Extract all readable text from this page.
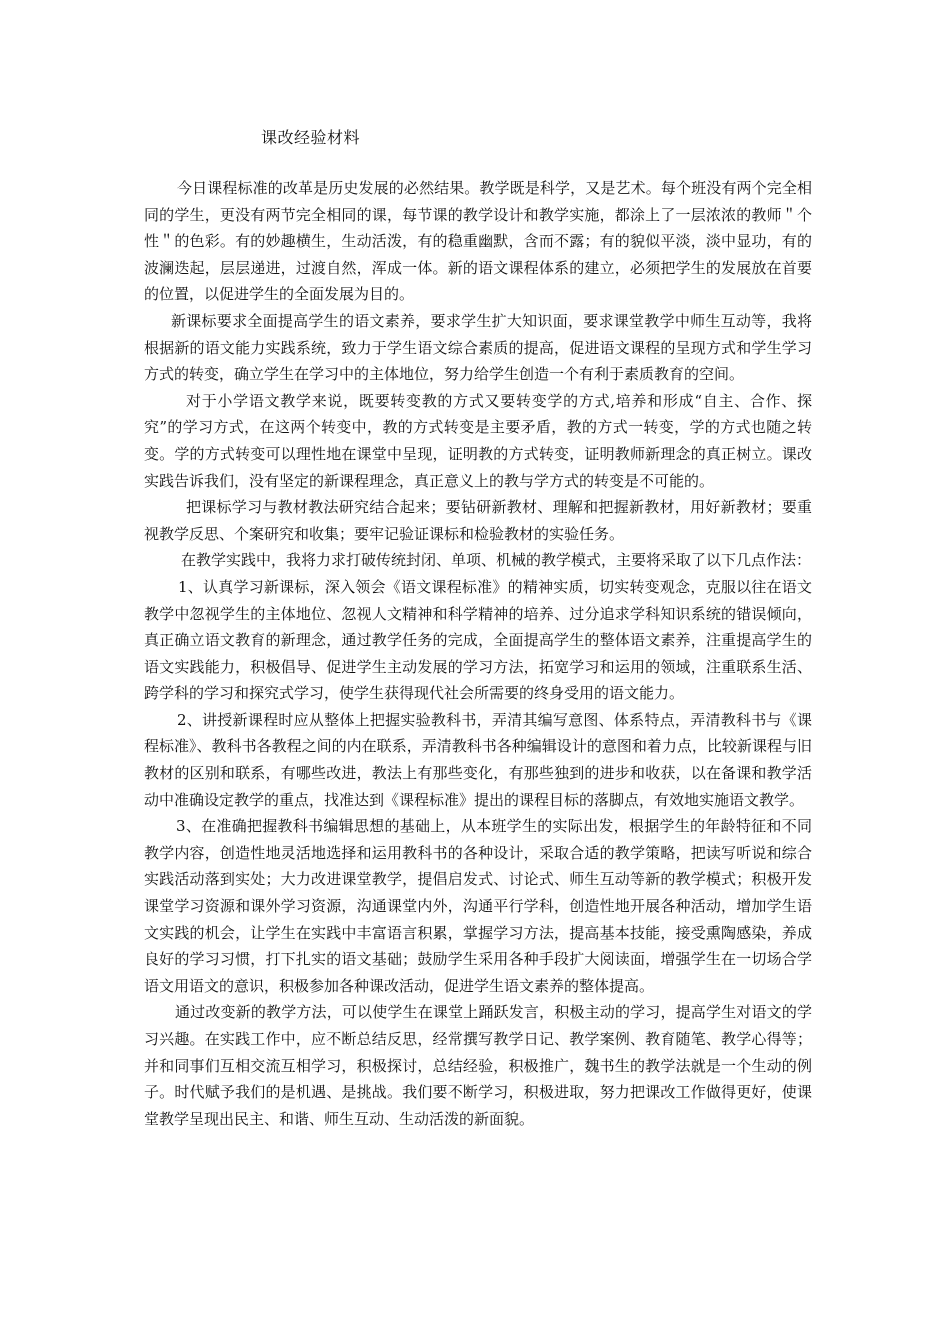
课改经验材料

今日课程标准的改革是历史发展的必然结果。教学既是科学，又是艺术。每个班没有两个完全相同的学生，更没有两节完全相同的课，每节课的教学设计和教学实施，都涂上了一层浓浓的教师＂个性＂的色彩。有的妙趣横生，生动活泼，有的稳重幽默，含而不露；有的貌似平淡，淡中显功，有的波澜迭起，层层递进，过渡自然，浑成一体。新的语文课程体系的建立，必须把学生的发展放在首要的位置，以促进学生的全面发展为目的。

新课标要求全面提高学生的语文素养，要求学生扩大知识面，要求课堂教学中师生互动等，我将根据新的语文能力实践系统，致力于学生语文综合素质的提高，促进语文课程的呈现方式和学生学习方式的转变，确立学生在学习中的主体地位，努力给学生创造一个有利于素质教育的空间。

对于小学语文教学来说，既要转变教的方式又要转变学的方式,培养和形成“自主、合作、探究”的学习方式，在这两个转变中，教的方式转变是主要矛盾，教的方式一转变，学的方式也随之转变。学的方式转变可以理性地在课堂中呈现，证明教的方式转变，证明教师新理念的真正树立。课改实践告诉我们，没有坚定的新课程理念，真正意义上的教与学方式的转变是不可能的。

把课标学习与教材教法研究结合起来；要钻研新教材、理解和把握新教材，用好新教材；要重视教学反思、个案研究和收集；要牢记验证课标和检验教材的实验任务。

在教学实践中，我将力求打破传统封闭、单项、机械的教学模式，主要将采取了以下几点作法：

1、认真学习新课标，深入领会《语文课程标准》的精神实质，切实转变观念，克服以往在语文教学中忽视学生的主体地位、忽视人文精神和科学精神的培养、过分追求学科知识系统的错误倾向，真正确立语文教育的新理念，通过教学任务的完成，全面提高学生的整体语文素养，注重提高学生的语文实践能力，积极倡导、促进学生主动发展的学习方法，拓宽学习和运用的领域，注重联系生活、跨学科的学习和探究式学习，使学生获得现代社会所需要的终身受用的语文能力。

2、讲授新课程时应从整体上把握实验教科书，弄清其编写意图、体系特点，弄清教科书与《课程标准》、教科书各教程之间的内在联系，弄清教科书各种编辑设计的意图和着力点，比较新课程与旧教材的区别和联系，有哪些改进，教法上有那些变化，有那些独到的进步和收获，以在备课和教学活动中准确设定教学的重点，找准达到《课程标准》提出的课程目标的落脚点，有效地实施语文教学。

3、在准确把握教科书编辑思想的基础上，从本班学生的实际出发，根据学生的年龄特征和不同教学内容，创造性地灵活地选择和运用教科书的各种设计，采取合适的教学策略，把读写听说和综合实践活动落到实处；大力改进课堂教学，提倡启发式、讨论式、师生互动等新的教学模式；积极开发课堂学习资源和课外学习资源，沟通课堂内外，沟通平行学科，创造性地开展各种活动，增加学生语文实践的机会，让学生在实践中丰富语言积累，掌握学习方法，提高基本技能，接受熏陶感染，养成良好的学习习惯，打下扎实的语文基础；鼓励学生采用各种手段扩大阅读面，增强学生在一切场合学语文用语文的意识，积极参加各种课改活动，促进学生语文素养的整体提高。

通过改变新的教学方法，可以使学生在课堂上踊跃发言，积极主动的学习，提高学生对语文的学习兴趣。在实践工作中，应不断总结反思，经常撰写教学日记、教学案例、教育随笔、教学心得等；并和同事们互相交流互相学习，积极探讨，总结经验，积极推广，魏书生的教学法就是一个生动的例子。时代赋予我们的是机遇、是挑战。我们要不断学习，积极进取，努力把课改工作做得更好，使课堂教学呈现出民主、和谐、师生互动、生动活泼的新面貌。
